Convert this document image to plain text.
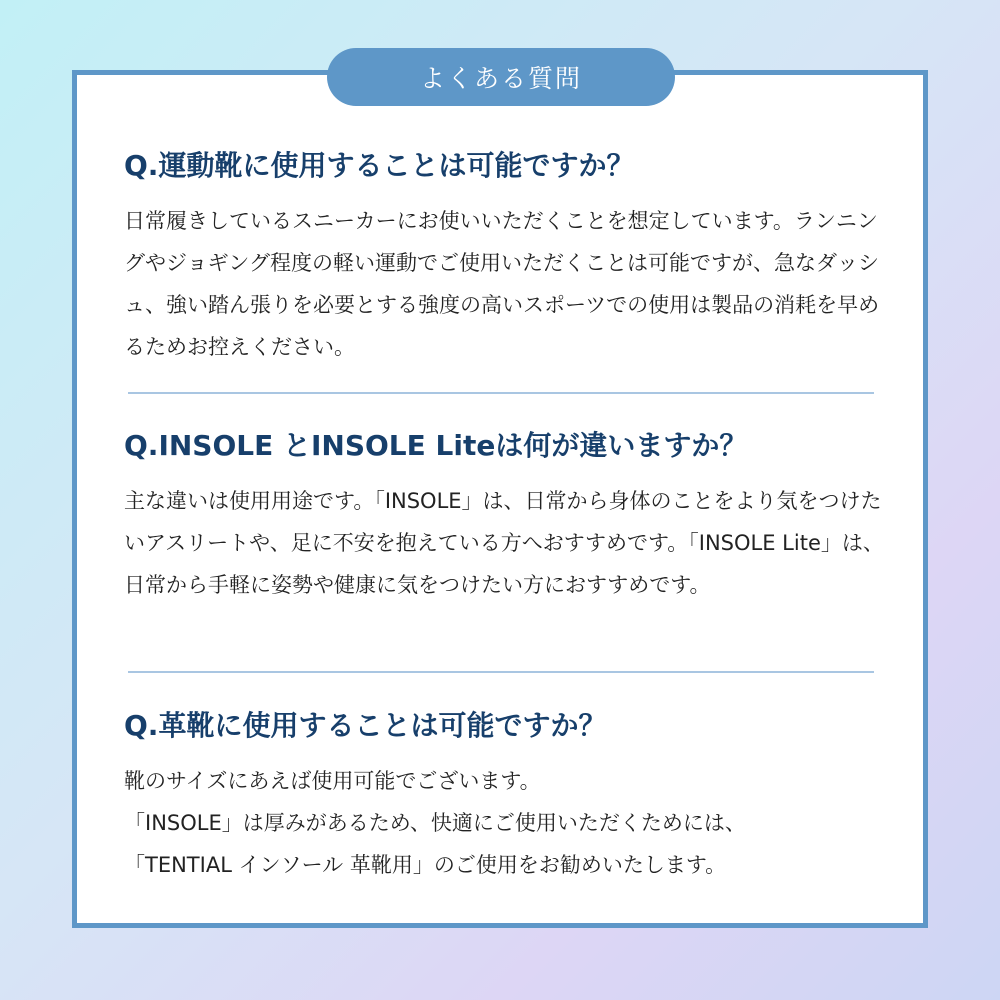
よくある質問
Q.運動靴に使用することは可能ですか？
日常履きしているスニーカーにお使いいただくことを想定しています。ランニングやジョギング程度の軽い運動でご使用いただくことは可能ですが、急なダッシュ、強い踏ん張りを必要とする強度の高いスポーツでの使用は製品の消耗を早めるためお控えください。
Q.INSOLE とINSOLE Liteは何が違いますか？
主な違いは使用用途です。「INSOLE」は、日常から身体のことをより気をつけたいアスリートや、足に不安を抱えている方へおすすめです。「INSOLE Lite」は、日常から手軽に姿勢や健康に気をつけたい方におすすめです。
Q.革靴に使用することは可能ですか？

靴のサイズにあえば使用可能でございます。

「INSOLE」は厚みがあるため、快適にご使用いただくためには、

「TENTIAL インソール 革靴用」のご使用をお勧めいたします。
